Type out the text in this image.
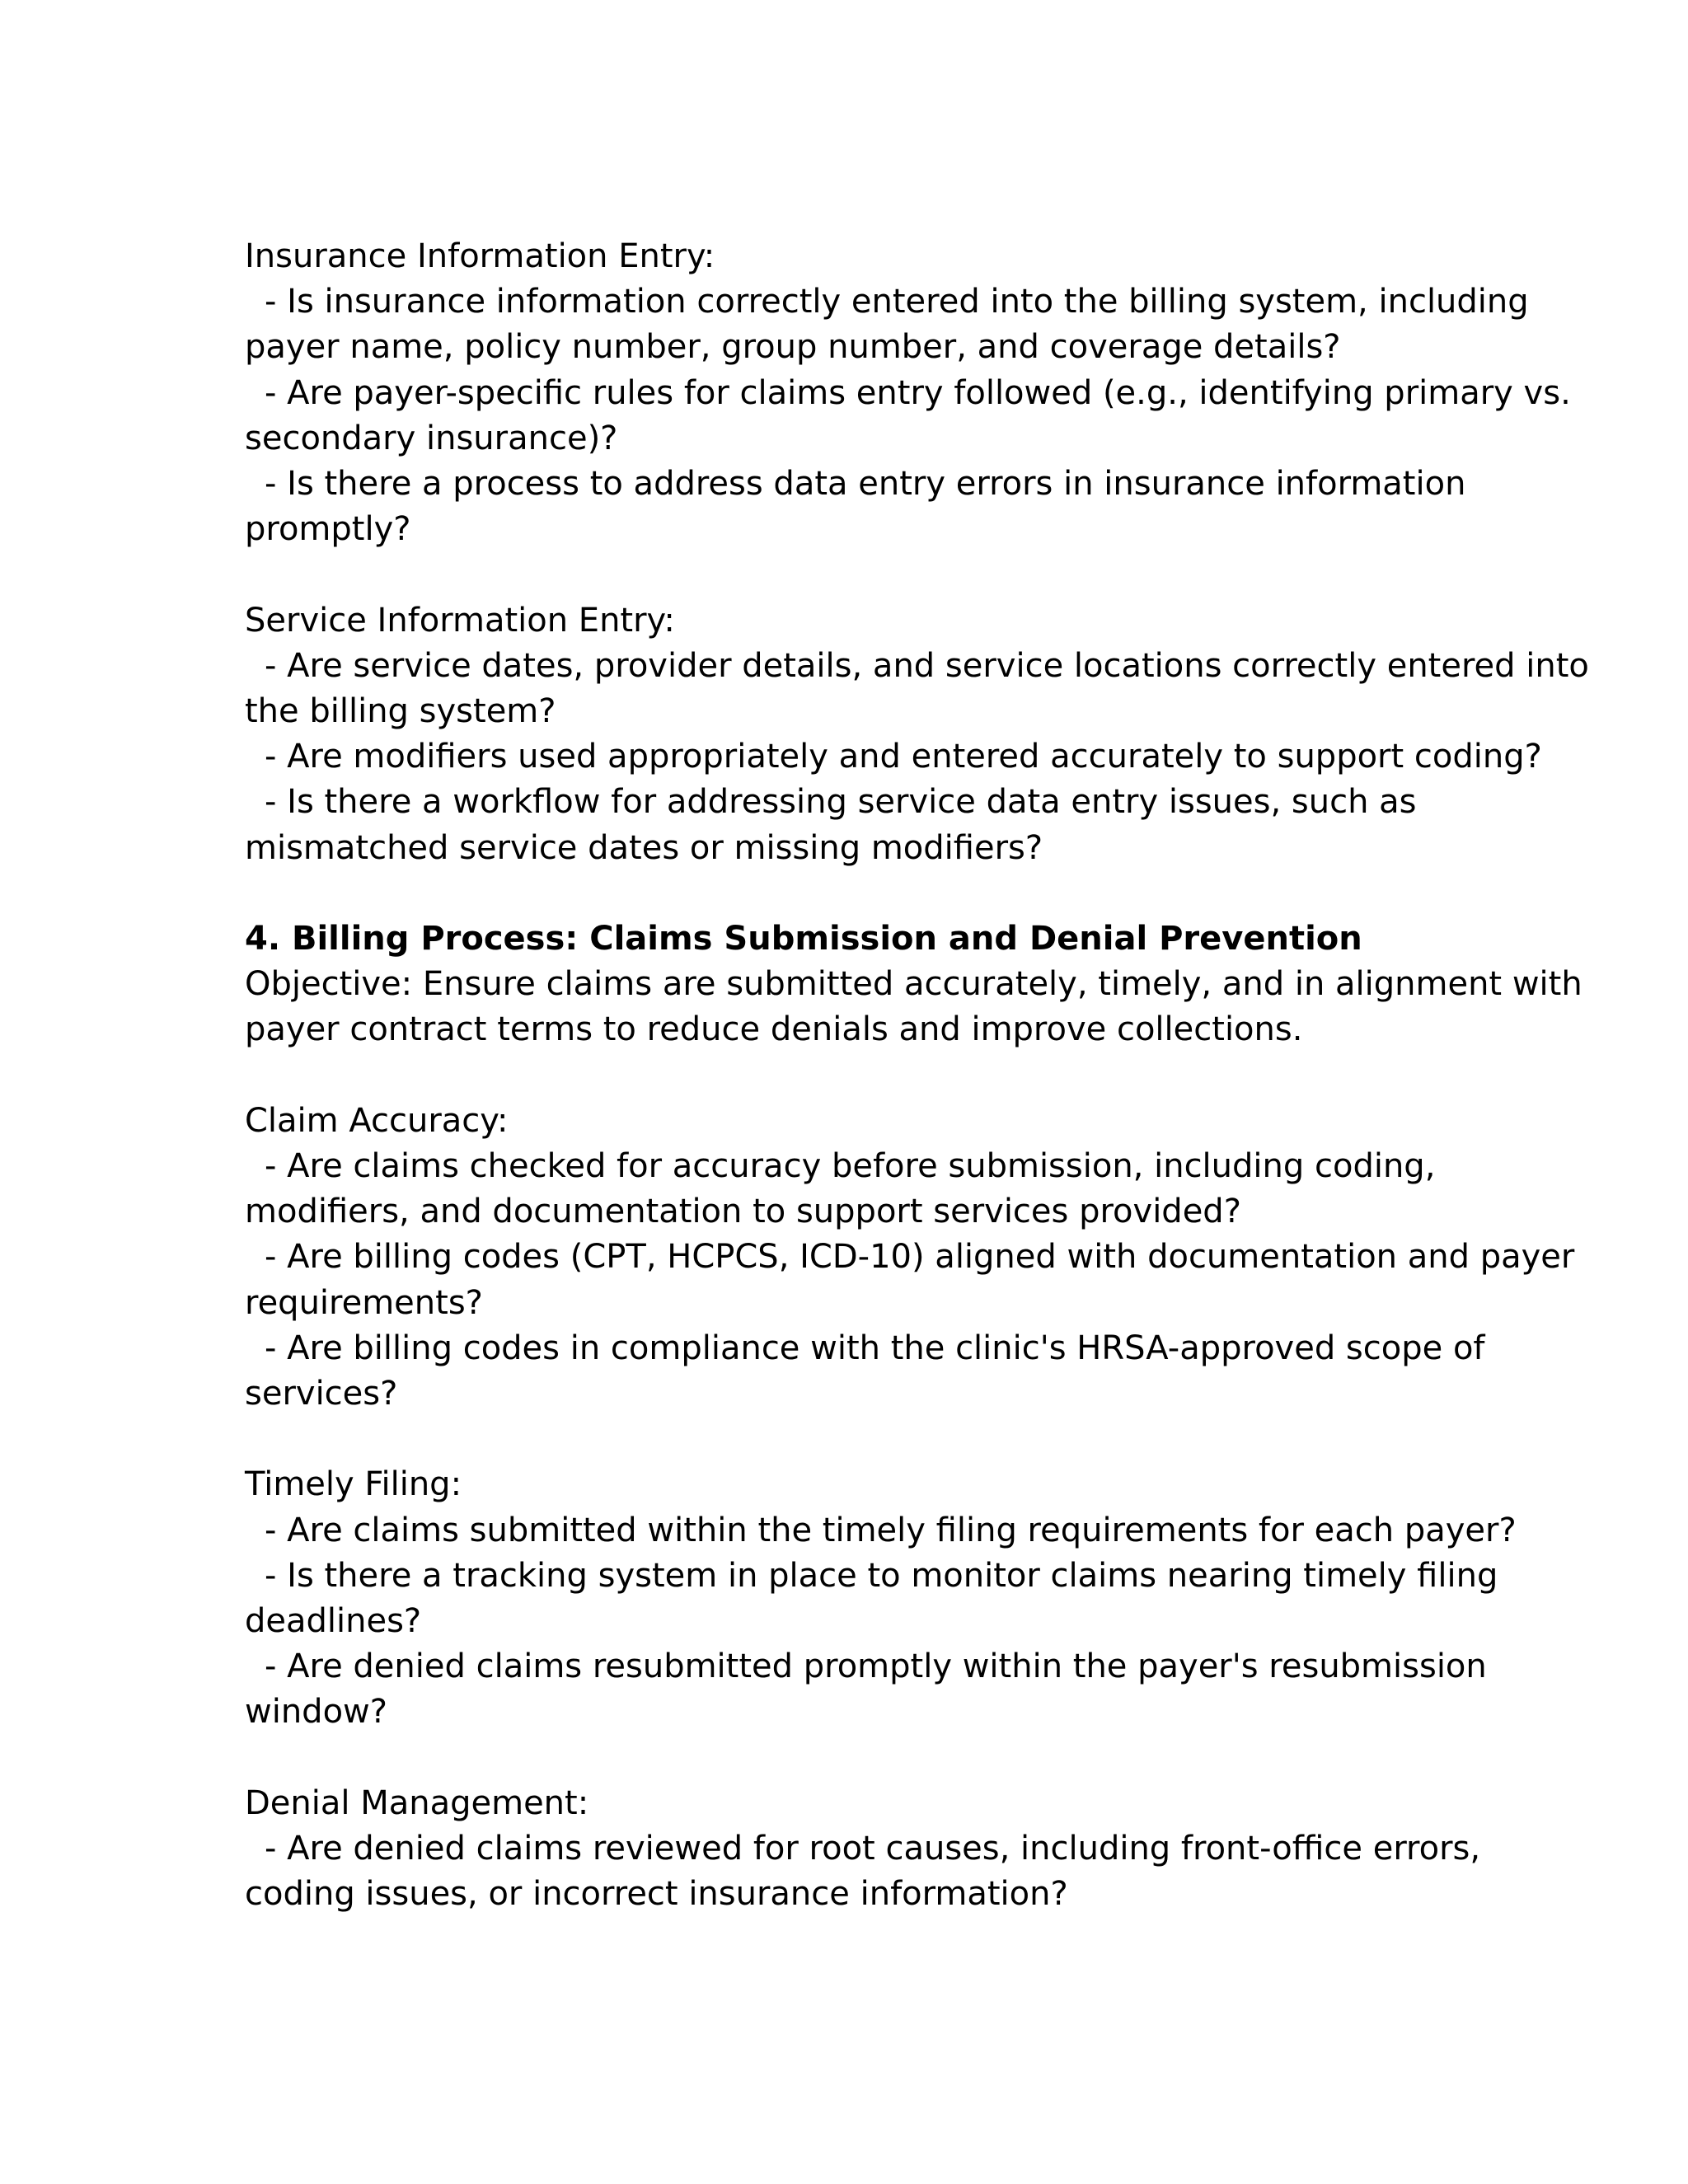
Insurance Information Entry:
- Is insurance information correctly entered into the billing system, including
payer name, policy number, group number, and coverage details?
- Are payer-specific rules for claims entry followed (e.g., identifying primary vs.
secondary insurance)?
- Is there a process to address data entry errors in insurance information
promptly?
Service Information Entry:
- Are service dates, provider details, and service locations correctly entered into
the billing system?
- Are modifiers used appropriately and entered accurately to support coding?
- Is there a workflow for addressing service data entry issues, such as
mismatched service dates or missing modifiers?
4. Billing Process: Claims Submission and Denial Prevention
Objective: Ensure claims are submitted accurately, timely, and in alignment with
payer contract terms to reduce denials and improve collections.
Claim Accuracy:
- Are claims checked for accuracy before submission, including coding,
modifiers, and documentation to support services provided?
- Are billing codes (CPT, HCPCS, ICD-10) aligned with documentation and payer
requirements?
- Are billing codes in compliance with the clinic's HRSA-approved scope of
services?
Timely Filing:
- Are claims submitted within the timely filing requirements for each payer?
- Is there a tracking system in place to monitor claims nearing timely filing
deadlines?
- Are denied claims resubmitted promptly within the payer's resubmission
window?
Denial Management:
- Are denied claims reviewed for root causes, including front-office errors,
coding issues, or incorrect insurance information?
